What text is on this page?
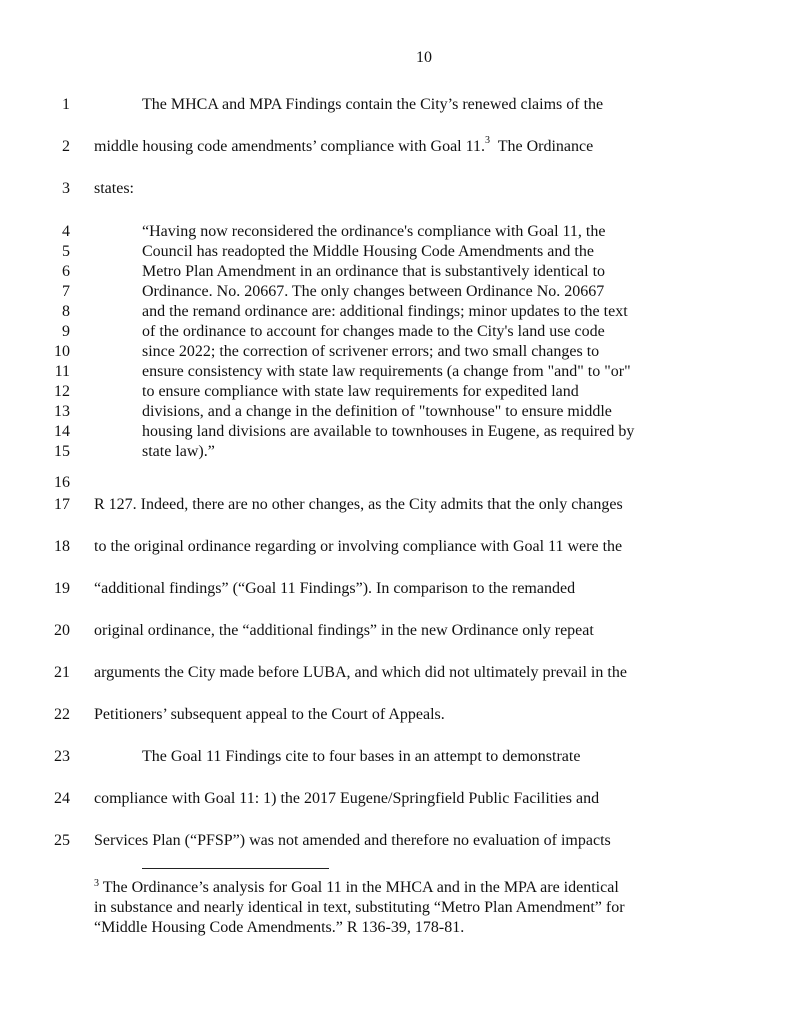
10
1
2
3
4
5
6
7
8
9
10
11
12
13
14
15
16
17
18
19
20
21
22
23
24
25
The MHCA and MPA Findings contain the City’s renewed claims of the
middle housing code amendments’ compliance with Goal 11.$^3$  The Ordinance
states:
“Having now reconsidered the ordinance's compliance with Goal 11, the
Council has readopted the Middle Housing Code Amendments and the
Metro Plan Amendment in an ordinance that is substantively identical to
Ordinance. No. 20667. The only changes between Ordinance No. 20667
and the remand ordinance are: additional findings; minor updates to the text
of the ordinance to account for changes made to the City's land use code
since 2022; the correction of scrivener errors; and two small changes to
ensure consistency with state law requirements (a change from "and" to "or"
to ensure compliance with state law requirements for expedited land
divisions, and a change in the definition of "townhouse" to ensure middle
housing land divisions are available to townhouses in Eugene, as required by
state law).”
R 127. Indeed, there are no other changes, as the City admits that the only changes
to the original ordinance regarding or involving compliance with Goal 11 were the
“additional findings” (“Goal 11 Findings”). In comparison to the remanded
original ordinance, the “additional findings” in the new Ordinance only repeat
arguments the City made before LUBA, and which did not ultimately prevail in the
Petitioners’ subsequent appeal to the Court of Appeals.
The Goal 11 Findings cite to four bases in an attempt to demonstrate
compliance with Goal 11: 1) the 2017 Eugene/Springfield Public Facilities and
Services Plan (“PFSP”) was not amended and therefore no evaluation of impacts
$^3$ The Ordinance’s analysis for Goal 11 in the MHCA and in the MPA are identical
in substance and nearly identical in text, substituting “Metro Plan Amendment” for
“Middle Housing Code Amendments.” R 136-39, 178-81.
